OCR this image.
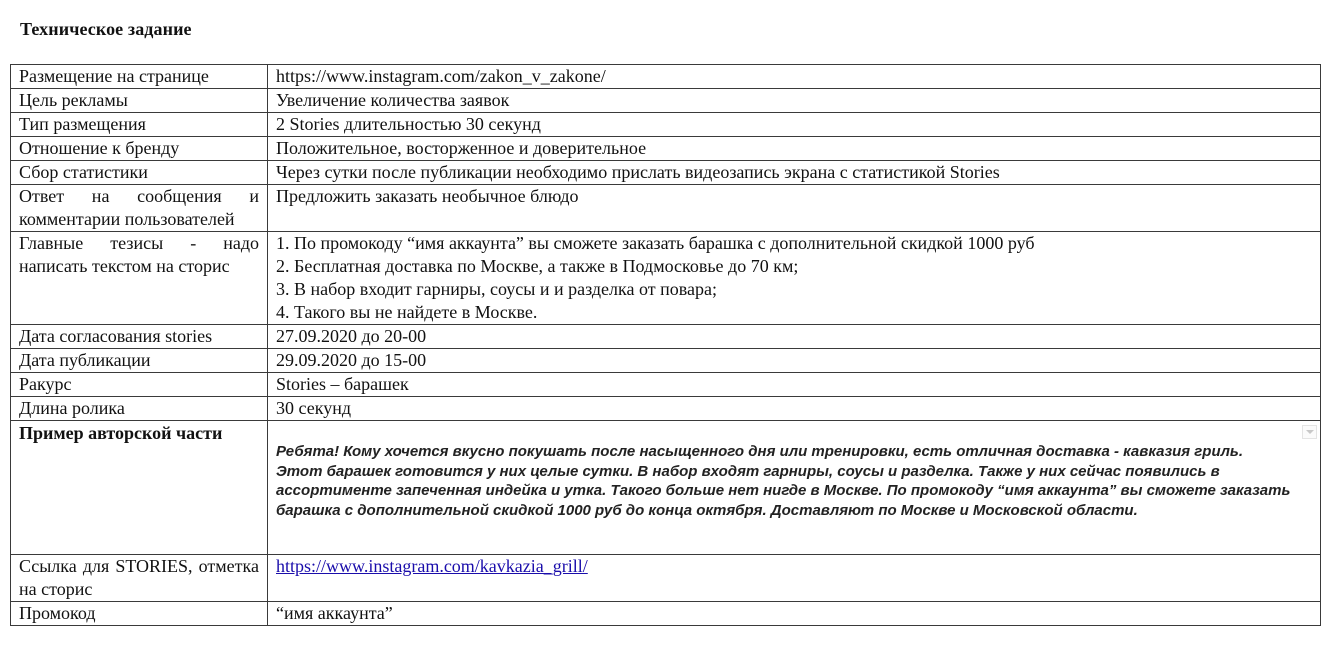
Техническое задание
Размещение на странице	https://www.instagram.com/zakon_v_zakone/
Цель рекламы	Увеличение количества заявок
Тип размещения	2 Stories длительностью 30 секунд
Отношение к бренду	Положительное, восторженное и доверительное
Сбор статистики	Через сутки после публикации необходимо прислать видеозапись экрана с статистикой Stories
Ответ на сообщения и комментарии пользователей	Предложить заказать необычное блюдо
Главные тезисы - надо написать текстом на сторис	1. По промокоду “имя аккаунта” вы сможете заказать барашка с дополнительной скидкой 1000 руб
2. Бесплатная доставка по Москве, а также в Подмосковье до 70 км;
3. В набор входит гарниры, соусы и и разделка от повара;
4. Такого вы не найдете в Москве.

Дата согласования stories	27.09.2020 до 20-00
Дата публикации	29.09.2020 до 15-00
Ракурс	Stories – барашек
Длина ролика	30 секунд
Пример авторской части	Ребята! Кому хочется вкусно покушать после насыщенного дня или тренировки, есть отличная доставка - кавказия гриль. Этот барашек готовится у них целые сутки. В набор входят гарниры, соусы и разделка. Также у них сейчас появились в ассортименте запеченная индейка и утка. Такого больше нет нигде в Москве. По промокоду “имя аккаунта” вы сможете заказать барашка с дополнительной скидкой 1000 руб до конца октября. Доставляют по Москве и Московской области.

Ссылка для STORIES, отметка на сторис	https://www.instagram.com/kavkazia_grill/
Промокод	“имя аккаунта”
